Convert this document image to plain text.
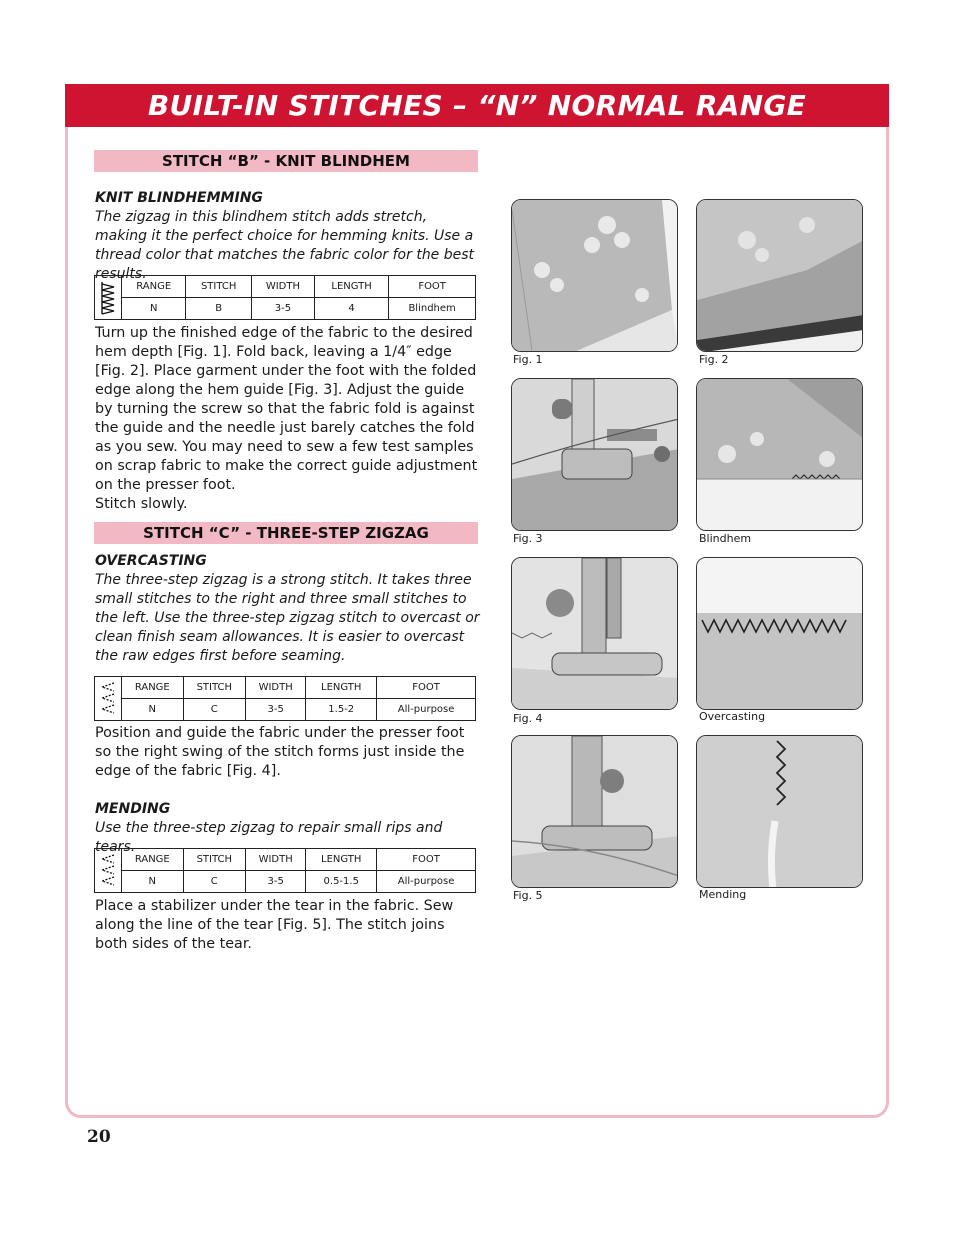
BUILT-IN STITCHES – “N” NORMAL RANGE
STITCH “B” - KNIT BLINDHEM
KNIT BLINDHEMMING
The zigzag in this blindhem stitch adds stretch, making it the perfect choice for hemming knits. Use a thread color that matches the fabric color for the best results.
	RANGE	STITCH	WIDTH	LENGTH	FOOT
	N	B	3-5	4	Blindhem
Turn up the finished edge of the fabric to the desired hem depth [Fig. 1]. Fold back, leaving a 1/4″ edge [Fig. 2]. Place garment under the foot with the folded edge along the hem guide [Fig. 3]. Adjust the guide by turning the screw so that the fabric fold is against the guide and the needle just barely catches the fold as you sew. You may need to sew a few test samples on scrap fabric to make the correct guide adjustment on the presser foot.
Stitch slowly.
STITCH “C” - THREE-STEP ZIGZAG
OVERCASTING
The three-step zigzag is a strong stitch. It takes three small stitches to the right and three small stitches to the left. Use the three-step zigzag stitch to overcast or clean finish seam allowances. It is easier to overcast the raw edges first before seaming.
	RANGE	STITCH	WIDTH	LENGTH	FOOT
	N	C	3-5	1.5-2	All-purpose
Position and guide the fabric under the presser foot so the right swing of the stitch forms just inside the edge of the fabric [Fig. 4].
MENDING
Use the three-step zigzag to repair small rips and tears.
	RANGE	STITCH	WIDTH	LENGTH	FOOT
	N	C	3-5	0.5-1.5	All-purpose
Place a stabilizer under the tear in the fabric. Sew along the line of the tear [Fig. 5]. The stitch joins both sides of the tear.
Fig. 1
Fig. 3
Fig. 4
Fig. 5
Fig. 2
Blindhem
Overcasting
Mending
20
